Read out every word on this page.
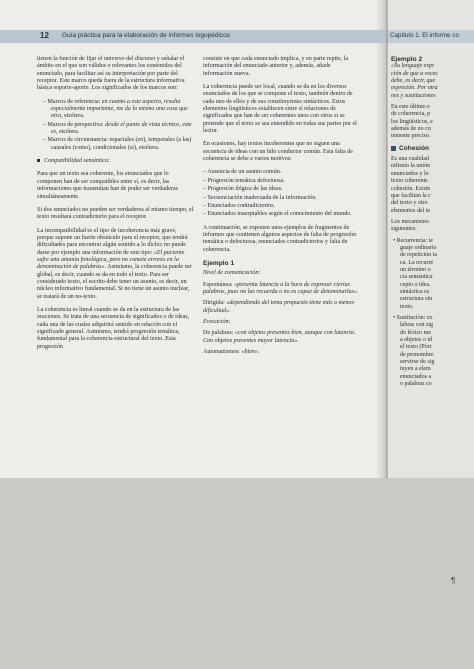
Capítulo 1. El informe co
Ejemplo 2
«Su lenguaje expr
ción de que a veces
debe, es decir, que
expresión. Por otra
nes y sustituciones
En este último e
de coherencia, p
los lingüísticos, e
además de no cu
temente preciso.
Cohesión
Es una cualidad
nifiesto la unión
enunciados y lo
texto coherente
cohesión. Existe
que facilitan la c
del texto y otro
elementos del te
Los mecanismo
siguientes:
• Recurrencia: te
guaje ordinario
de repetición ta
ca. La recurre
un término o
cia semántica
cepto o idea.
sintáctica es
estructura sin
texto.
• Sustitución: co
labras con sig
do léxico me
a objetos o id
el texto (Port
de pronombre
servirse de sig
tuyen a elem
enunciados a
o palabras co
12 Guía práctica para la elaboración de informes logopédicos

tienen la función de fijar el universo del discurso y señalar el ámbito en el que son válidos o relevantes los contenidos del enunciado, para facilitar así su interpretación por parte del receptor. Este marco queda fuera de la estructura informativa básica soporte-aporte. Los significados de los marcos son:

– Marcos de referencia: en cuanto a este aspecto, resulta especialmente importante, me da lo mismo una cosa que otra, etcétera.
– Marcos de perspectiva: desde el punto de vista técnico, este es, etcétera.
– Marcos de circunstancia: espaciales (en), temporales (a las) causales (como), condicionales (si), etcétera.

Compatibilidad semántica:

Para que un texto sea coherente, los enunciados que lo componen han de ser compatibles entre sí, es decir, las informaciones que transmitan han de poder ser verdaderas simultáneamente.

Si dos enunciados no pueden ser verdaderos al mismo tiempo, el texto resultará contradictorio para el receptor.

La incompatibilidad es el tipo de incoherencia más grave, porque supone un fuerte obstáculo para el receptor, que tendrá dificultades para encontrar algún sentido a lo dicho; no puede darse por ejemplo una información de este tipo: «El paciente sufre una anomia fonológica, pero no comete errores en la denominación de palabras». Asimismo, la coherencia puede ser global, es decir, cuando se da en todo el texto. Para ser considerado texto, el escrito debe tener un asunto, es decir, un núcleo informativo fundamental. Si no tiene un asunto nuclear, se tratará de un no-texto.

La coherencia es lineal cuando se da en la estructura de las oraciones. Se trata de una secuencia de significados o de ideas, cada una de las cuales adquirirá sentido en relación con el significado general. Asimismo, tendrá progresión temática, fundamental para la coherencia estructural del texto. Esta progresión

consiste en que cada enunciado implica, y en parte repite, la información del enunciado anterior y, además, añade información nueva.

La coherencia puede ser local, cuando se da en los diversos enunciados de los que se compone el texto, también dentro de cada uno de ellos y de sus constituyentes sintácticos. Estos elementos lingüísticos establecen entre sí relaciones de significados que han de ser coherentes unos con otros si se pretende que el texto se sea entendido en todas sus partes por el lector.

En ocasiones, hay textos incoherentes que no siguen una secuencia de ideas con un hilo conductor común. Esta falta de coherencia se debe a varios motivos:

– Ausencia de un asunto común.
– Progresión temática defectuosa.
– Progresión ilógica de las ideas.
– Secuenciación inadecuada de la información.
– Enunciados contradictorios.
– Enunciados inaceptables según el conocimiento del mundo.

A continuación, se exponen unos ejemplos de fragmentos de informes que contienen algunos aspectos de falta de progresión temática o defectuosa, enunciados contradictorios y falta de coherencia.

Ejemplo 1

Nivel de comunicación:

Espontánea: «presenta latencia a la hora de expresar ciertas palabras, pues no las recuerda o no es capaz de denominarlas».

Dirigida: «dependiendo del tema propuesto tiene más o menos dificultad».

Evocación:

De palabras: «con objetos presentes bien, aunque con latencia. Con objetos presentes mayor latencia».

Automatismos: «bien».

¶
